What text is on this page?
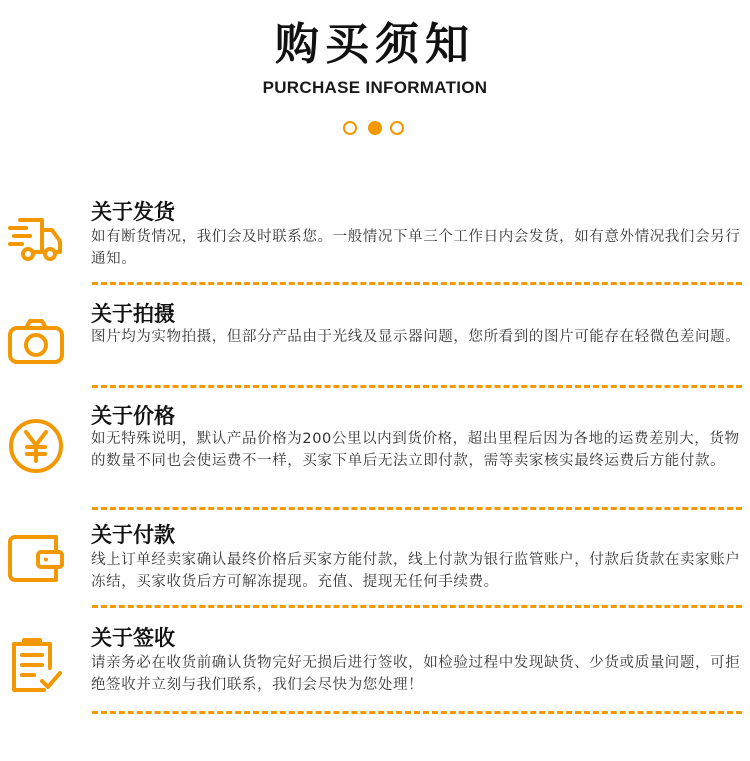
购买须知
PURCHASE INFORMATION
关于发货
如有断货情况，我们会及时联系您。一般情况下单三个工作日内会发货，如有意外情况我们会另行通知。
关于拍摄
图片均为实物拍摄，但部分产品由于光线及显示器问题，您所看到的图片可能存在轻微色差问题。
关于价格
如无特殊说明，默认产品价格为200公里以内到货价格，超出里程后因为各地的运费差别大，货物的数量不同也会使运费不一样，买家下单后无法立即付款，需等卖家核实最终运费后方能付款。
关于付款
线上订单经卖家确认最终价格后买家方能付款，线上付款为银行监管账户，付款后货款在卖家账户冻结，买家收货后方可解冻提现。充值、提现无任何手续费。
关于签收
请亲务必在收货前确认货物完好无损后进行签收，如检验过程中发现缺货、少货或质量问题，可拒绝签收并立刻与我们联系，我们会尽快为您处理！
